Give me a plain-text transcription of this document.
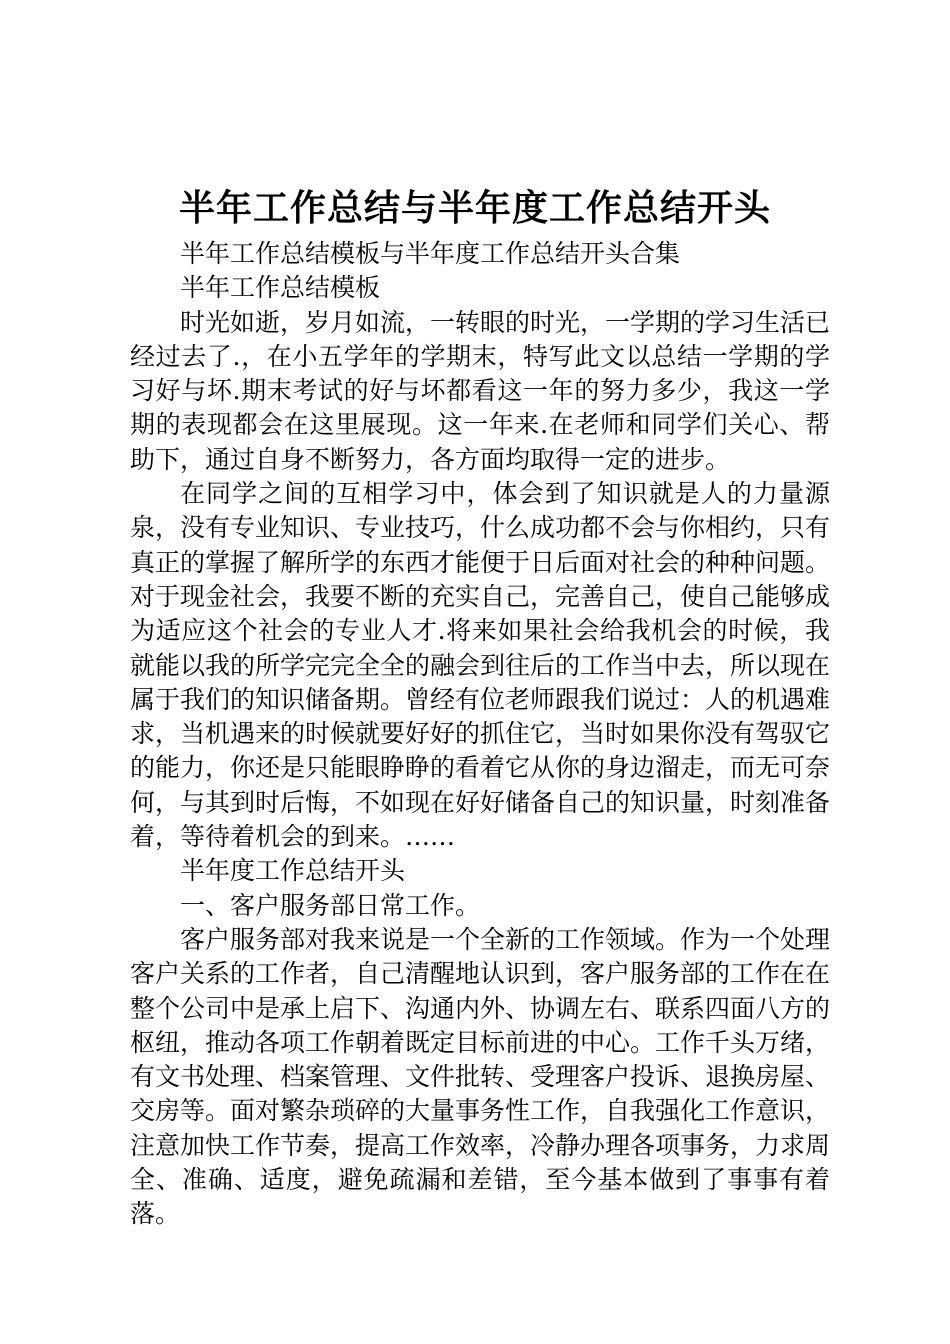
半年工作总结与半年度工作总结开头

半年工作总结模板与半年度工作总结开头合集

半年工作总结模板

时光如逝，岁月如流，一转眼的时光，一学期的学习生活已经过去了.，在小五学年的学期末，特写此文以总结一学期的学习好与坏.期末考试的好与坏都看这一年的努力多少，我这一学期的表现都会在这里展现。这一年来.在老师和同学们关心、帮助下，通过自身不断努力，各方面均取得一定的进步。

在同学之间的互相学习中，体会到了知识就是人的力量源泉，没有专业知识、专业技巧，什么成功都不会与你相约，只有真正的掌握了解所学的东西才能便于日后面对社会的种种问题。对于现金社会，我要不断的充实自己，完善自己，使自己能够成为适应这个社会的专业人才.将来如果社会给我机会的时候，我就能以我的所学完完全全的融会到往后的工作当中去，所以现在属于我们的知识储备期。曾经有位老师跟我们说过：人的机遇难求，当机遇来的时候就要好好的抓住它，当时如果你没有驾驭它的能力，你还是只能眼睁睁的看着它从你的身边溜走，而无可奈何，与其到时后悔，不如现在好好储备自己的知识量，时刻准备着，等待着机会的到来。……

半年度工作总结开头

一、客户服务部日常工作。

客户服务部对我来说是一个全新的工作领域。作为一个处理客户关系的工作者，自己清醒地认识到，客户服务部的工作在在整个公司中是承上启下、沟通内外、协调左右、联系四面八方的枢纽，推动各项工作朝着既定目标前进的中心。工作千头万绪，有文书处理、档案管理、文件批转、受理客户投诉、退换房屋、交房等。面对繁杂琐碎的大量事务性工作，自我强化工作意识，注意加快工作节奏，提高工作效率，冷静办理各项事务，力求周全、准确、适度，避免疏漏和差错，至今基本做到了事事有着落。
